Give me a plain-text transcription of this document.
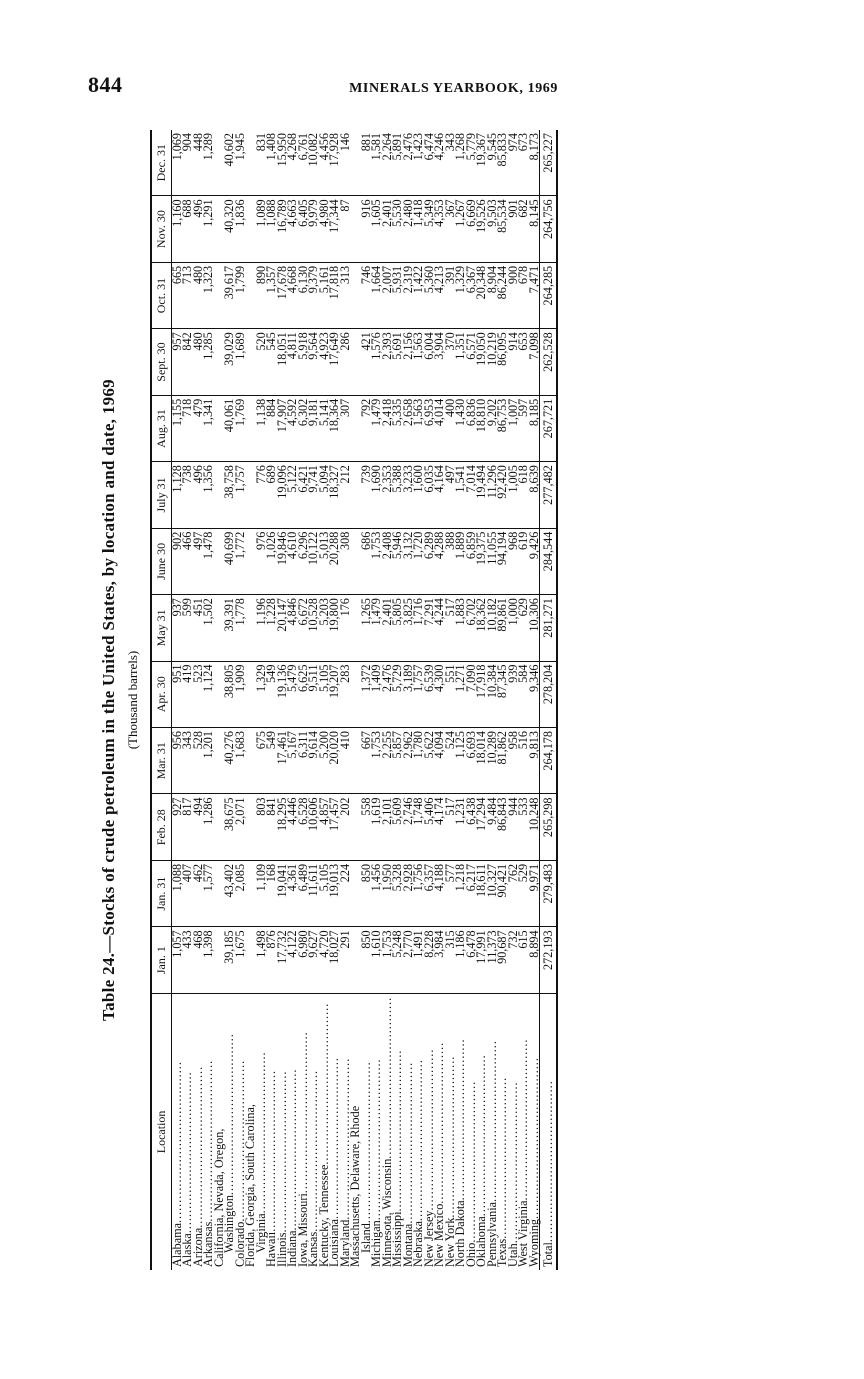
844	MINERALS YEARBOOK, 1969
Table 24.—Stocks of crude petroleum in the United States, by location and date, 1969 (Thousand barrels)
Location	Jan. 1	Jan. 31	Feb. 28	Mar. 31	Apr. 30	May 31	June 30	July 31	Aug. 31	Sept. 30	Oct. 31	Nov. 30	Dec. 31
Alabama........................................	1,057	1,088	927	956	951	937	902	1,128	1,155	957	665	1,160	1,069
Alaska........................................	433	407	817	343	419	599	466	738	718	842	713	688	904
Arizona........................................	468	462	494	528	523	451	497	496	479	480	480	496	448
Arkansas........................................	1,398	1,577	1,286	1,201	1,124	1,502	1,478	1,356	1,341	1,285	1,323	1,291	1,289
California, Nevada, Oregon,													
Washington........................................	39,185	43,402	38,675	40,276	38,805	39,391	40,699	38,758	40,061	39,029	39,617	40,320	40,602
Colorado........................................	1,675	2,085	2,071	1,683	1,909	1,778	1,772	1,757	1,769	1,689	1,799	1,836	1,945
Florida, Georgia, South Carolina,													
Virginia........................................	1,498	1,109	803	675	1,329	1,196	976	776	1,138	520	890	1,089	831
Hawaii........................................	876	168	841	549	549	1,228	1,026	689	884	545	1,357	1,088	1,408
Illinois........................................	17,732	19,041	18,295	17,461	19,136	20,147	19,846	19,096	17,907	18,051	17,678	16,789	15,950
Indiana........................................	4,122	4,361	4,446	5,167	5,479	4,846	4,610	5,122	4,592	4,811	4,668	4,663	4,268
Iowa, Missouri........................................	6,980	6,489	6,528	6,311	6,625	6,672	6,296	6,421	6,302	5,918	6,130	6,405	6,761
Kansas........................................	9,627	11,611	10,606	9,614	9,511	10,528	10,122	9,741	9,181	9,564	9,379	9,979	10,082
Kentucky, Tennessee........................................	4,720	5,105	4,857	5,200	5,105	5,203	5,013	5,094	5,141	4,923	5,161	4,980	4,456
Louisiana........................................	18,027	19,013	17,457	20,020	19,207	19,800	20,288	18,327	18,364	17,649	17,818	17,344	17,928
Maryland........................................	291	224	202	410	283	176	308	212	307	286	313	87	146
Massachusetts, Delaware, Rhode													
Island........................................	850	850	558	667	1,372	1,265	686	739	792	421	746	916	881
Michigan........................................	1,610	1,456	1,619	1,753	1,409	1,479	1,753	1,690	1,479	1,576	1,664	1,605	1,581
Minnesota, Wisconsin........................................	1,753	1,950	2,101	2,255	2,476	2,401	2,408	2,353	2,418	2,393	2,007	2,401	2,264
Mississippi........................................	5,248	5,328	5,609	5,857	5,729	5,805	5,946	5,388	5,335	5,691	5,931	5,530	5,891
Montana........................................	2,770	2,928	2,746	2,962	3,189	3,825	3,132	3,233	2,658	2,156	2,319	2,480	2,476
Nebraska........................................	1,491	1,756	1,748	1,780	1,757	1,716	1,720	1,600	1,563	1,563	1,422	1,418	1,423
New Jersey........................................	8,228	6,357	5,406	5,622	6,539	7,291	6,289	6,035	6,953	6,004	5,360	5,349	6,474
New Mexico........................................	3,984	4,188	4,174	4,094	4,300	4,244	4,288	4,164	4,014	3,904	4,213	4,353	4,246
New York........................................	315	577	517	524	551	517	388	497	400	370	391	367	343
North Dakota........................................	1,186	1,218	1,231	1,125	1,271	1,883	1,889	1,541	1,430	1,351	1,329	1,267	1,268
Ohio........................................	6,478	6,217	6,438	6,693	7,090	6,702	6,859	7,014	6,836	6,571	6,367	6,669	5,779
Oklahoma........................................	17,991	18,611	17,294	18,014	17,918	18,362	19,375	19,494	18,810	19,050	20,348	19,526	19,367
Pennsylvania........................................	11,373	10,327	9,484	10,289	10,384	10,182	11,055	11,296	9,202	10,219	8,904	9,503	9,545
Texas........................................	90,687	90,421	86,843	81,862	87,345	89,861	94,194	92,420	86,753	86,095	86,244	85,534	85,833
Utah........................................	732	762	944	958	939	1,000	968	1,005	1,007	914	900	901	974
West Virginia........................................	615	529	533	516	584	629	619	618	597	653	678	682	673
Wyoming........................................	8,894	9,971	10,248	9,813	9,346	10,306	9,426	8,639	8,185	7,098	7,471	8,145	8,173
Total........................................	272,193	279,483	265,298	264,178	278,204	281,271	284,544	277,482	267,721	262,528	264,285	264,756	265,227
